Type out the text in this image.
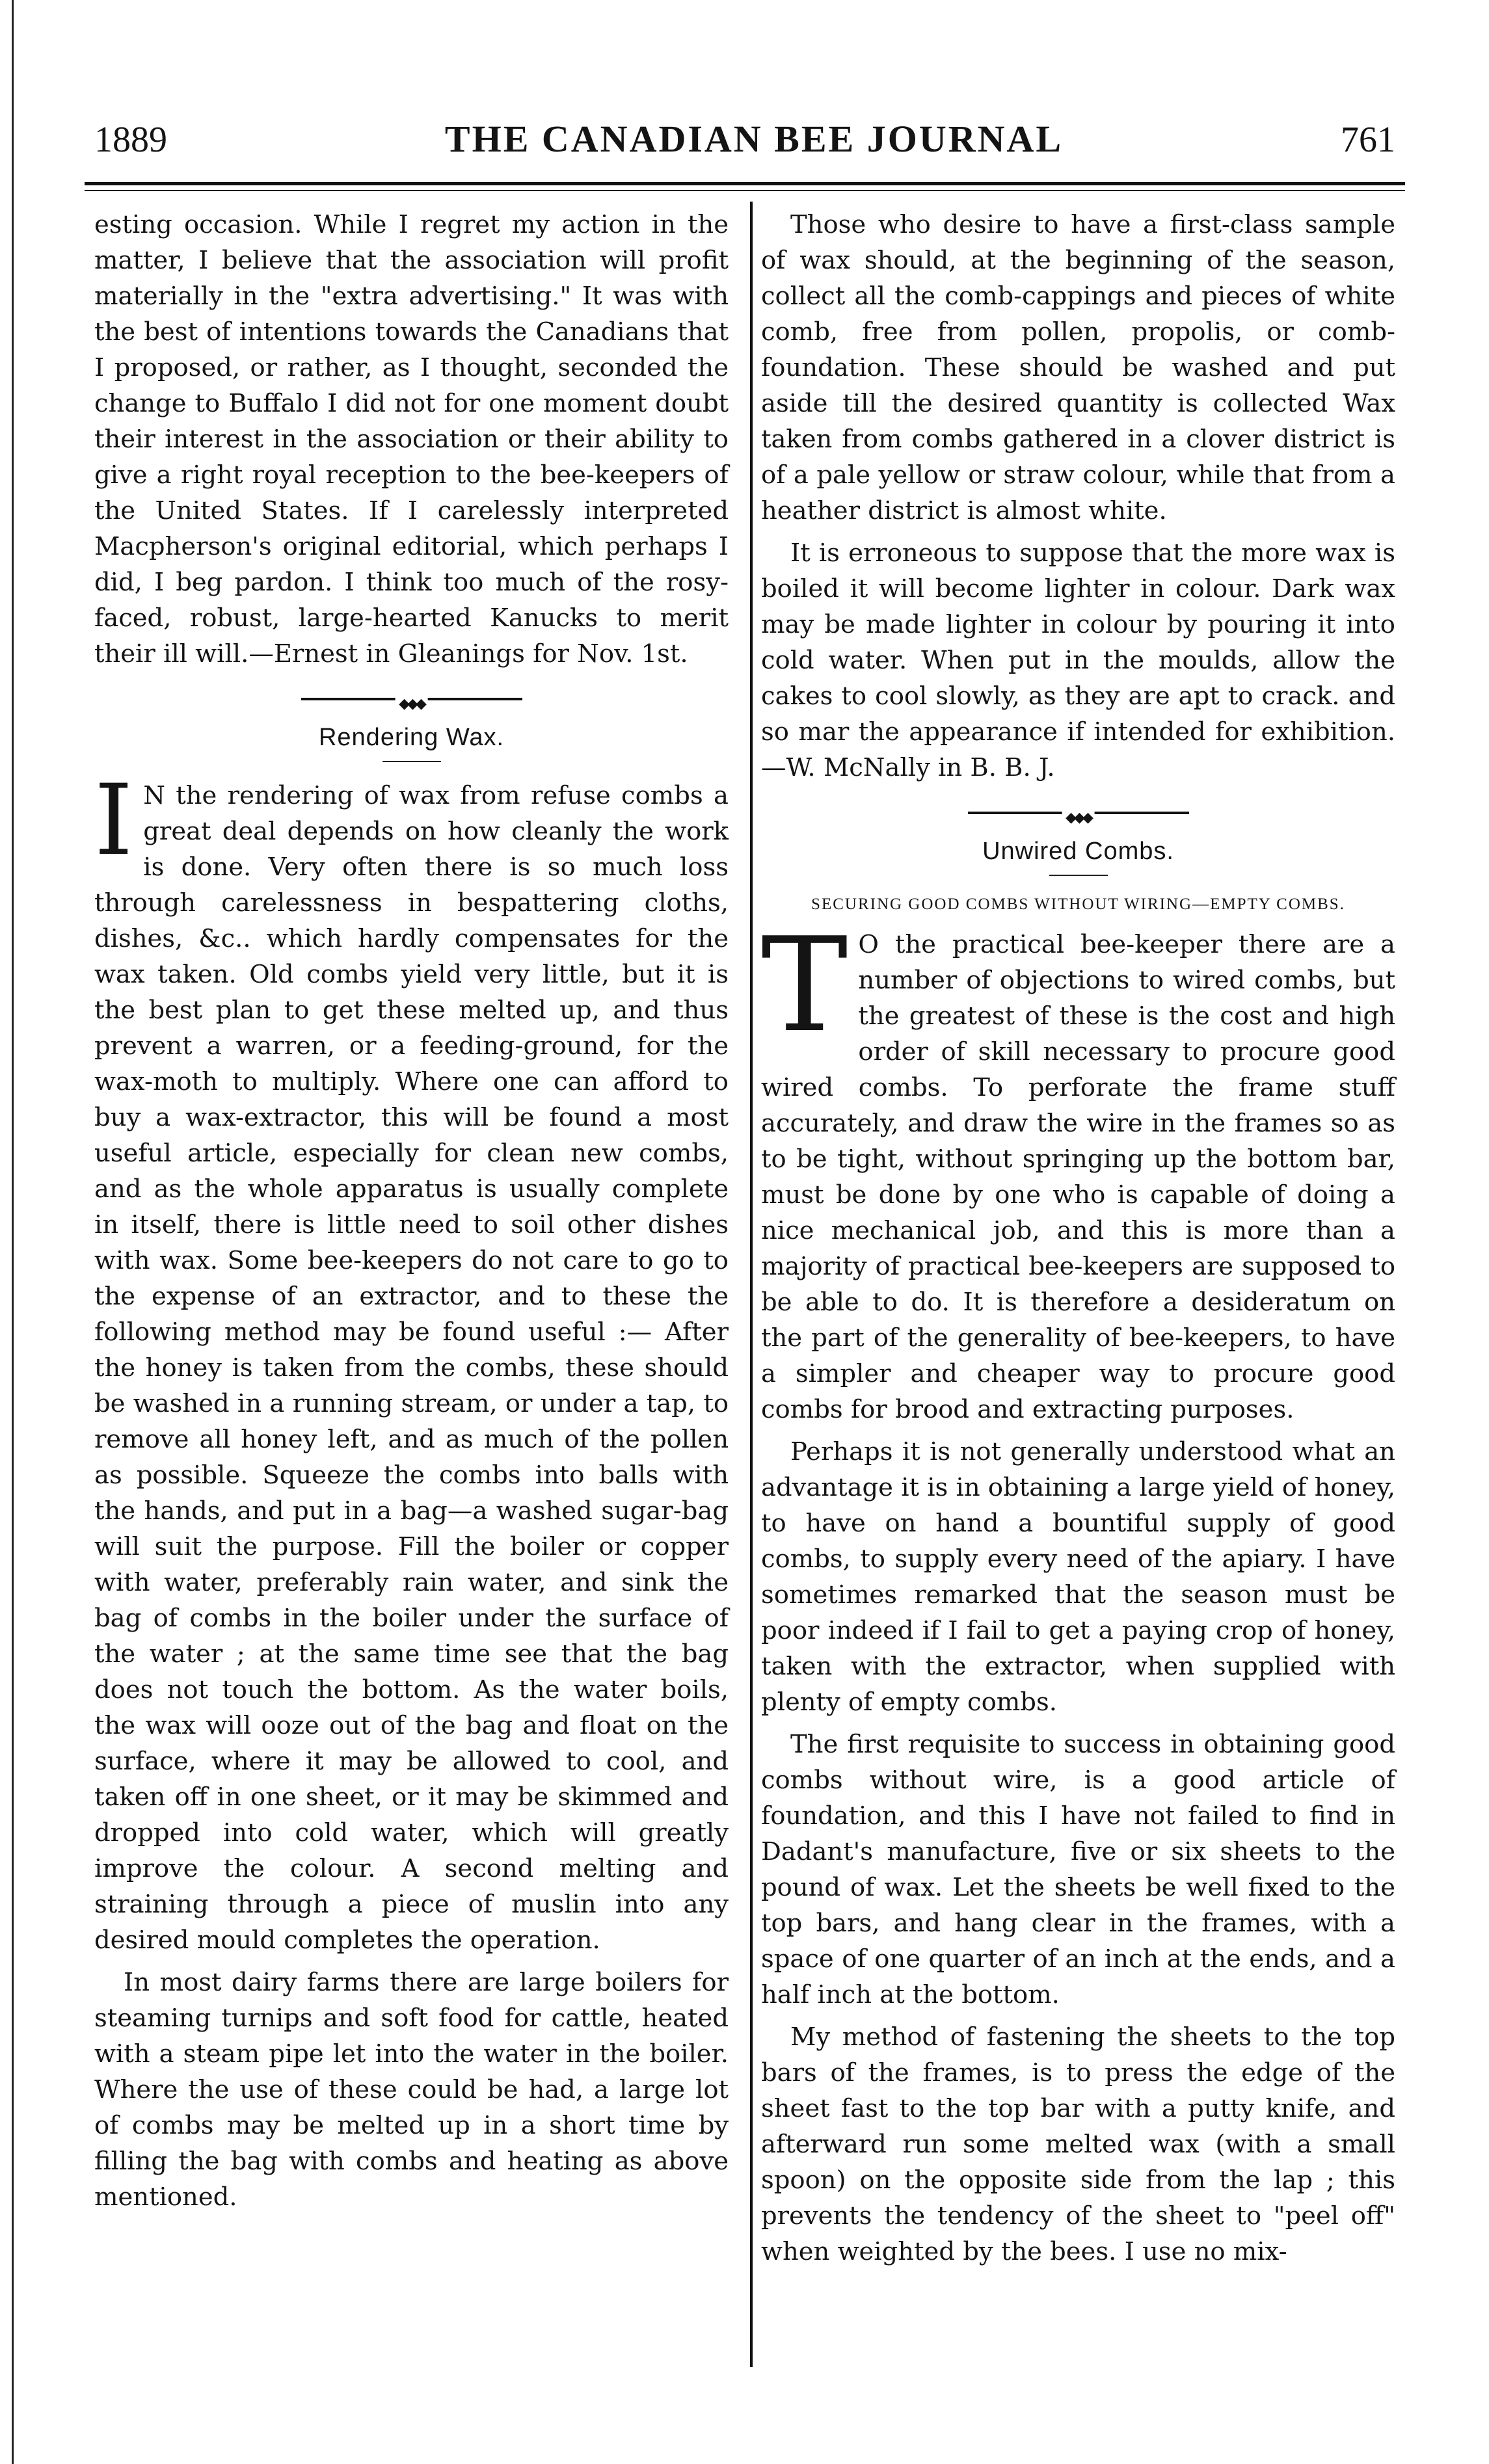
1889	THE CANADIAN BEE JOURNAL	761

esting occasion. While I regret my action in the matter, I believe that the association will profit materially in the "extra advertising." It was with the best of intentions towards the Canadians that I proposed, or rather, as I thought, seconded the change to Buffalo I did not for one moment doubt their interest in the association or their ability to give a right royal reception to the bee-keepers of the United States. If I carelessly interpreted Macpherson's original editorial, which perhaps I did, I beg pardon. I think too much of the rosy-faced, robust, large-hearted Kanucks to merit their ill will.—Ernest in Gleanings for Nov. 1st.

◆◆◆
Rendering Wax.

I N the rendering of wax from refuse combs a great deal depends on how cleanly the work is done. Very often there is so much loss through carelessness in bespattering cloths, dishes, &c.. which hardly compensates for the wax taken. Old combs yield very little, but it is the best plan to get these melted up, and thus prevent a warren, or a feeding-ground, for the wax-moth to multiply. Where one can afford to buy a wax-extractor, this will be found a most useful article, especially for clean new combs, and as the whole apparatus is usually complete in itself, there is little need to soil other dishes with wax. Some bee-keepers do not care to go to the expense of an extractor, and to these the following method may be found useful :— After the honey is taken from the combs, these should be washed in a running stream, or under a tap, to remove all honey left, and as much of the pollen as possible. Squeeze the combs into balls with the hands, and put in a bag—a washed sugar-bag will suit the purpose. Fill the boiler or copper with water, preferably rain water, and sink the bag of combs in the boiler under the surface of the water ; at the same time see that the bag does not touch the bottom. As the water boils, the wax will ooze out of the bag and float on the surface, where it may be allowed to cool, and taken off in one sheet, or it may be skimmed and dropped into cold water, which will greatly improve the colour. A second melting and straining through a piece of muslin into any desired mould completes the operation.

In most dairy farms there are large boilers for steaming turnips and soft food for cattle, heated with a steam pipe let into the water in the boiler. Where the use of these could be had, a large lot of combs may be melted up in a short time by filling the bag with combs and heating as above mentioned.

Those who desire to have a first-class sample of wax should, at the beginning of the season, collect all the comb-cappings and pieces of white comb, free from pollen, propolis, or comb-foundation. These should be washed and put aside till the desired quantity is collected Wax taken from combs gathered in a clover district is of a pale yellow or straw colour, while that from a heather district is almost white.

It is erroneous to suppose that the more wax is boiled it will become lighter in colour. Dark wax may be made lighter in colour by pouring it into cold water. When put in the moulds, allow the cakes to cool slowly, as they are apt to crack. and so mar the appearance if intended for exhibition.—W. McNally in B. B. J.

◆◆◆
Unwired Combs.
SECURING GOOD COMBS WITHOUT WIRING—EMPTY COMBS.

T O the practical bee-keeper there are a number of objections to wired combs, but the greatest of these is the cost and high order of skill necessary to procure good wired combs. To perforate the frame stuff accurately, and draw the wire in the frames so as to be tight, without springing up the bottom bar, must be done by one who is capable of doing a nice mechanical job, and this is more than a majority of practical bee-keepers are supposed to be able to do. It is therefore a desideratum on the part of the generality of bee-keepers, to have a simpler and cheaper way to procure good combs for brood and extracting purposes.

Perhaps it is not generally understood what an advantage it is in obtaining a large yield of honey, to have on hand a bountiful supply of good combs, to supply every need of the apiary. I have sometimes remarked that the season must be poor indeed if I fail to get a paying crop of honey, taken with the extractor, when supplied with plenty of empty combs.

The first requisite to success in obtaining good combs without wire, is a good article of foundation, and this I have not failed to find in Dadant's manufacture, five or six sheets to the pound of wax. Let the sheets be well fixed to the top bars, and hang clear in the frames, with a space of one quarter of an inch at the ends, and a half inch at the bottom.

My method of fastening the sheets to the top bars of the frames, is to press the edge of the sheet fast to the top bar with a putty knife, and afterward run some melted wax (with a small spoon) on the opposite side from the lap ; this prevents the tendency of the sheet to "peel off" when weighted by the bees. I use no mix-
